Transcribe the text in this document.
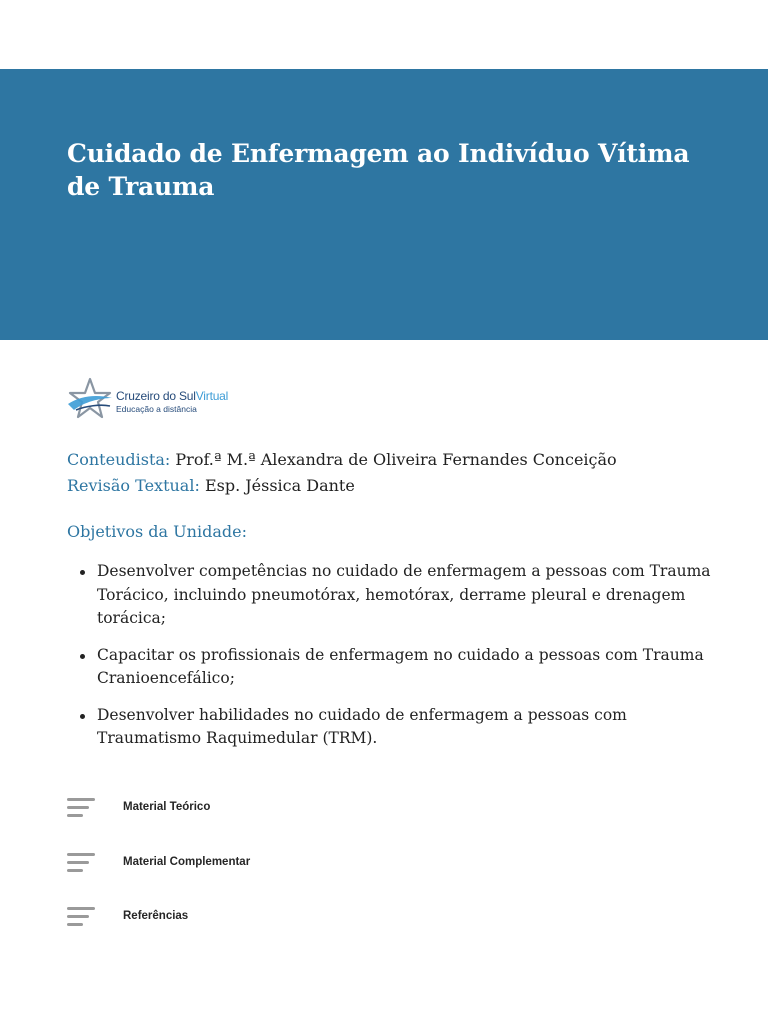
Cuidado de Enfermagem ao Indivíduo Vítima de Trauma
Cruzeiro do SulVirtual
Educação a distância
Conteudista: Prof.ª M.ª Alexandra de Oliveira Fernandes Conceição
Revisão Textual: Esp. Jéssica Dante
Objetivos da Unidade:
Desenvolver competências no cuidado de enfermagem a pessoas com Trauma Torácico, incluindo pneumotórax, hemotórax, derrame pleural e drenagem torácica;
Capacitar os profissionais de enfermagem no cuidado a pessoas com Trauma Cranioencefálico;
Desenvolver habilidades no cuidado de enfermagem a pessoas com Traumatismo Raquimedular (TRM).
Material Teórico
Material Complementar
Referências
